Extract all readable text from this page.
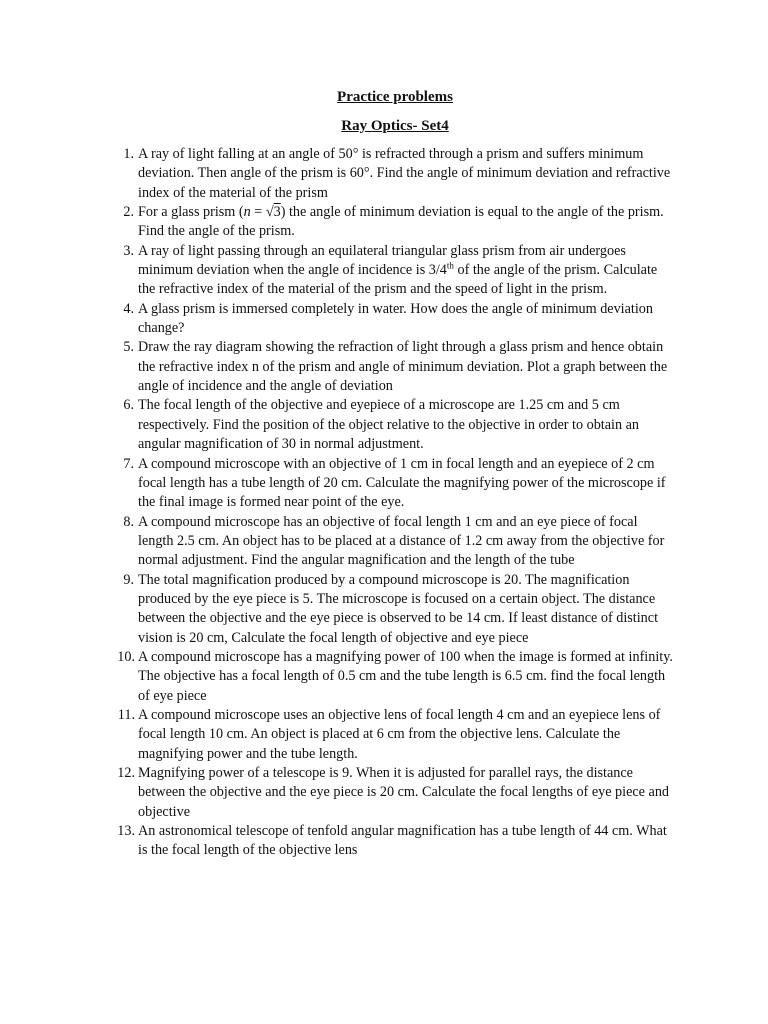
Practice problems
Ray Optics- Set4
1. A ray of light falling at an angle of 50° is refracted through a prism and suffers minimum deviation. Then angle of the prism is 60°. Find the angle of minimum deviation and refractive index of the material of the prism
2. For a glass prism (n = √3) the angle of minimum deviation is equal to the angle of the prism. Find the angle of the prism.
3. A ray of light passing through an equilateral triangular glass prism from air undergoes minimum deviation when the angle of incidence is 3/4th of the angle of the prism. Calculate the refractive index of the material of the prism and the speed of light in the prism.
4. A glass prism is immersed completely in water. How does the angle of minimum deviation change?
5. Draw the ray diagram showing the refraction of light through a glass prism and hence obtain the refractive index n of the prism and angle of minimum deviation. Plot a graph between the angle of incidence and the angle of deviation
6. The focal length of the objective and eyepiece of a microscope are 1.25 cm and 5 cm respectively. Find the position of the object relative to the objective in order to obtain an angular magnification of 30 in normal adjustment.
7. A compound microscope with an objective of 1 cm in focal length and an eyepiece of 2 cm focal length has a tube length of 20 cm. Calculate the magnifying power of the microscope if the final image is formed near point of the eye.
8. A compound microscope has an objective of focal length 1 cm and an eye piece of focal length 2.5 cm. An object has to be placed at a distance of 1.2 cm away from the objective for normal adjustment. Find the angular magnification and the length of the tube
9. The total magnification produced by a compound microscope is 20. The magnification produced by the eye piece is 5. The microscope is focused on a certain object. The distance between the objective and the eye piece is observed to be 14 cm. If least distance of distinct vision is 20 cm, Calculate the focal length of objective and eye piece
10. A compound microscope has a magnifying power of 100 when the image is formed at infinity. The objective has a focal length of 0.5 cm and the tube length is 6.5 cm. find the focal length of eye piece
11. A compound microscope uses an objective lens of focal length 4 cm and an eyepiece lens of focal length 10 cm. An object is placed at 6 cm from the objective lens. Calculate the magnifying power and the tube length.
12. Magnifying power of a telescope is 9. When it is adjusted for parallel rays, the distance between the objective and the eye piece is 20 cm. Calculate the focal lengths of eye piece and objective
13. An astronomical telescope of tenfold angular magnification has a tube length of 44 cm. What is the focal length of the objective lens
